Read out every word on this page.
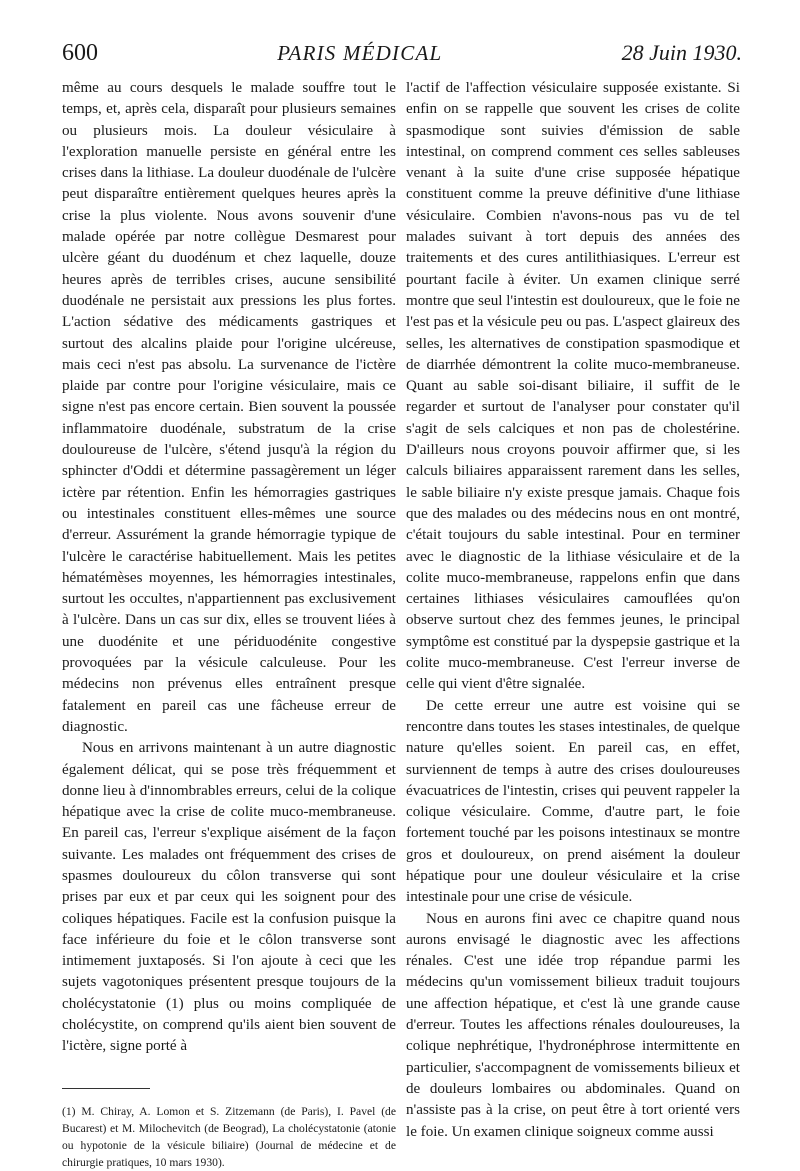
600	PARIS MÉDICAL	28 Juin 1930.

même au cours desquels le malade souffre tout le temps, et, après cela, disparaît pour plusieurs semaines ou plusieurs mois. La douleur vésiculaire à l'exploration manuelle persiste en général entre les crises dans la lithiase. La douleur duodénale de l'ulcère peut disparaître entièrement quelques heures après la crise la plus violente. Nous avons souvenir d'une malade opérée par notre collègue Desmarest pour ulcère géant du duodénum et chez laquelle, douze heures après de terribles crises, aucune sensibilité duodénale ne persistait aux pressions les plus fortes. L'action sédative des médicaments gastriques et surtout des alcalins plaide pour l'origine ulcéreuse, mais ceci n'est pas absolu. La survenance de l'ictère plaide par contre pour l'origine vésiculaire, mais ce signe n'est pas encore certain. Bien souvent la poussée inflammatoire duodénale, substratum de la crise douloureuse de l'ulcère, s'étend jusqu'à la région du sphincter d'Oddi et détermine passagèrement un léger ictère par rétention. Enfin les hémorragies gastriques ou intestinales constituent elles-mêmes une source d'erreur. Assurément la grande hémorragie typique de l'ulcère le caractérise habituellement. Mais les petites hématémèses moyennes, les hémorragies intestinales, surtout les occultes, n'appartiennent pas exclusivement à l'ulcère. Dans un cas sur dix, elles se trouvent liées à une duodénite et une périduodénite congestive provoquées par la vésicule calculeuse. Pour les médecins non prévenus elles entraînent presque fatalement en pareil cas une fâcheuse erreur de diagnostic.

Nous en arrivons maintenant à un autre diagnostic également délicat, qui se pose très fréquemment et donne lieu à d'innombrables erreurs, celui de la colique hépatique avec la crise de colite muco-membraneuse. En pareil cas, l'erreur s'explique aisément de la façon suivante. Les malades ont fréquemment des crises de spasmes douloureux du côlon transverse qui sont prises par eux et par ceux qui les soignent pour des coliques hépatiques. Facile est la confusion puisque la face inférieure du foie et le côlon transverse sont intimement juxtaposés. Si l'on ajoute à ceci que les sujets vagotoniques présentent presque toujours de la cholécystatonie (1) plus ou moins compliquée de cholécystite, on comprend qu'ils aient bien souvent de l'ictère, signe porté à

(1) M. Chiray, A. Lomon et S. Zitzemann (de Paris), I. Pavel (de Bucarest) et M. Milochevitch (de Beograd), La cholécystatonie (atonie ou hypotonie de la vésicule biliaire) (Journal de médecine et de chirurgie pratiques, 10 mars 1930).

l'actif de l'affection vésiculaire supposée existante. Si enfin on se rappelle que souvent les crises de colite spasmodique sont suivies d'émission de sable intestinal, on comprend comment ces selles sableuses venant à la suite d'une crise supposée hépatique constituent comme la preuve définitive d'une lithiase vésiculaire. Combien n'avons-nous pas vu de tel malades suivant à tort depuis des années des traitements et des cures antilithiasiques. L'erreur est pourtant facile à éviter. Un examen clinique serré montre que seul l'intestin est douloureux, que le foie ne l'est pas et la vésicule peu ou pas. L'aspect glaireux des selles, les alternatives de constipation spasmodique et de diarrhée démontrent la colite muco-membraneuse. Quant au sable soi-disant biliaire, il suffit de le regarder et surtout de l'analyser pour constater qu'il s'agit de sels calciques et non pas de cholestérine. D'ailleurs nous croyons pouvoir affirmer que, si les calculs biliaires apparaissent rarement dans les selles, le sable biliaire n'y existe presque jamais. Chaque fois que des malades ou des médecins nous en ont montré, c'était toujours du sable intestinal. Pour en terminer avec le diagnostic de la lithiase vésiculaire et de la colite muco-membraneuse, rappelons enfin que dans certaines lithiases vésiculaires camouflées qu'on observe surtout chez des femmes jeunes, le principal symptôme est constitué par la dyspepsie gastrique et la colite muco-membraneuse. C'est l'erreur inverse de celle qui vient d'être signalée.

De cette erreur une autre est voisine qui se rencontre dans toutes les stases intestinales, de quelque nature qu'elles soient. En pareil cas, en effet, surviennent de temps à autre des crises douloureuses évacuatrices de l'intestin, crises qui peuvent rappeler la colique vésiculaire. Comme, d'autre part, le foie fortement touché par les poisons intestinaux se montre gros et douloureux, on prend aisément la douleur hépatique pour une douleur vésiculaire et la crise intestinale pour une crise de vésicule.

Nous en aurons fini avec ce chapitre quand nous aurons envisagé le diagnostic avec les affections rénales. C'est une idée trop répandue parmi les médecins qu'un vomissement bilieux traduit toujours une affection hépatique, et c'est là une grande cause d'erreur. Toutes les affections rénales douloureuses, la colique nephrétique, l'hydronéphrose intermittente en particulier, s'accompagnent de vomissements bilieux et de douleurs lombaires ou abdominales. Quand on n'assiste pas à la crise, on peut être à tort orienté vers le foie. Un examen clinique soigneux comme aussi
